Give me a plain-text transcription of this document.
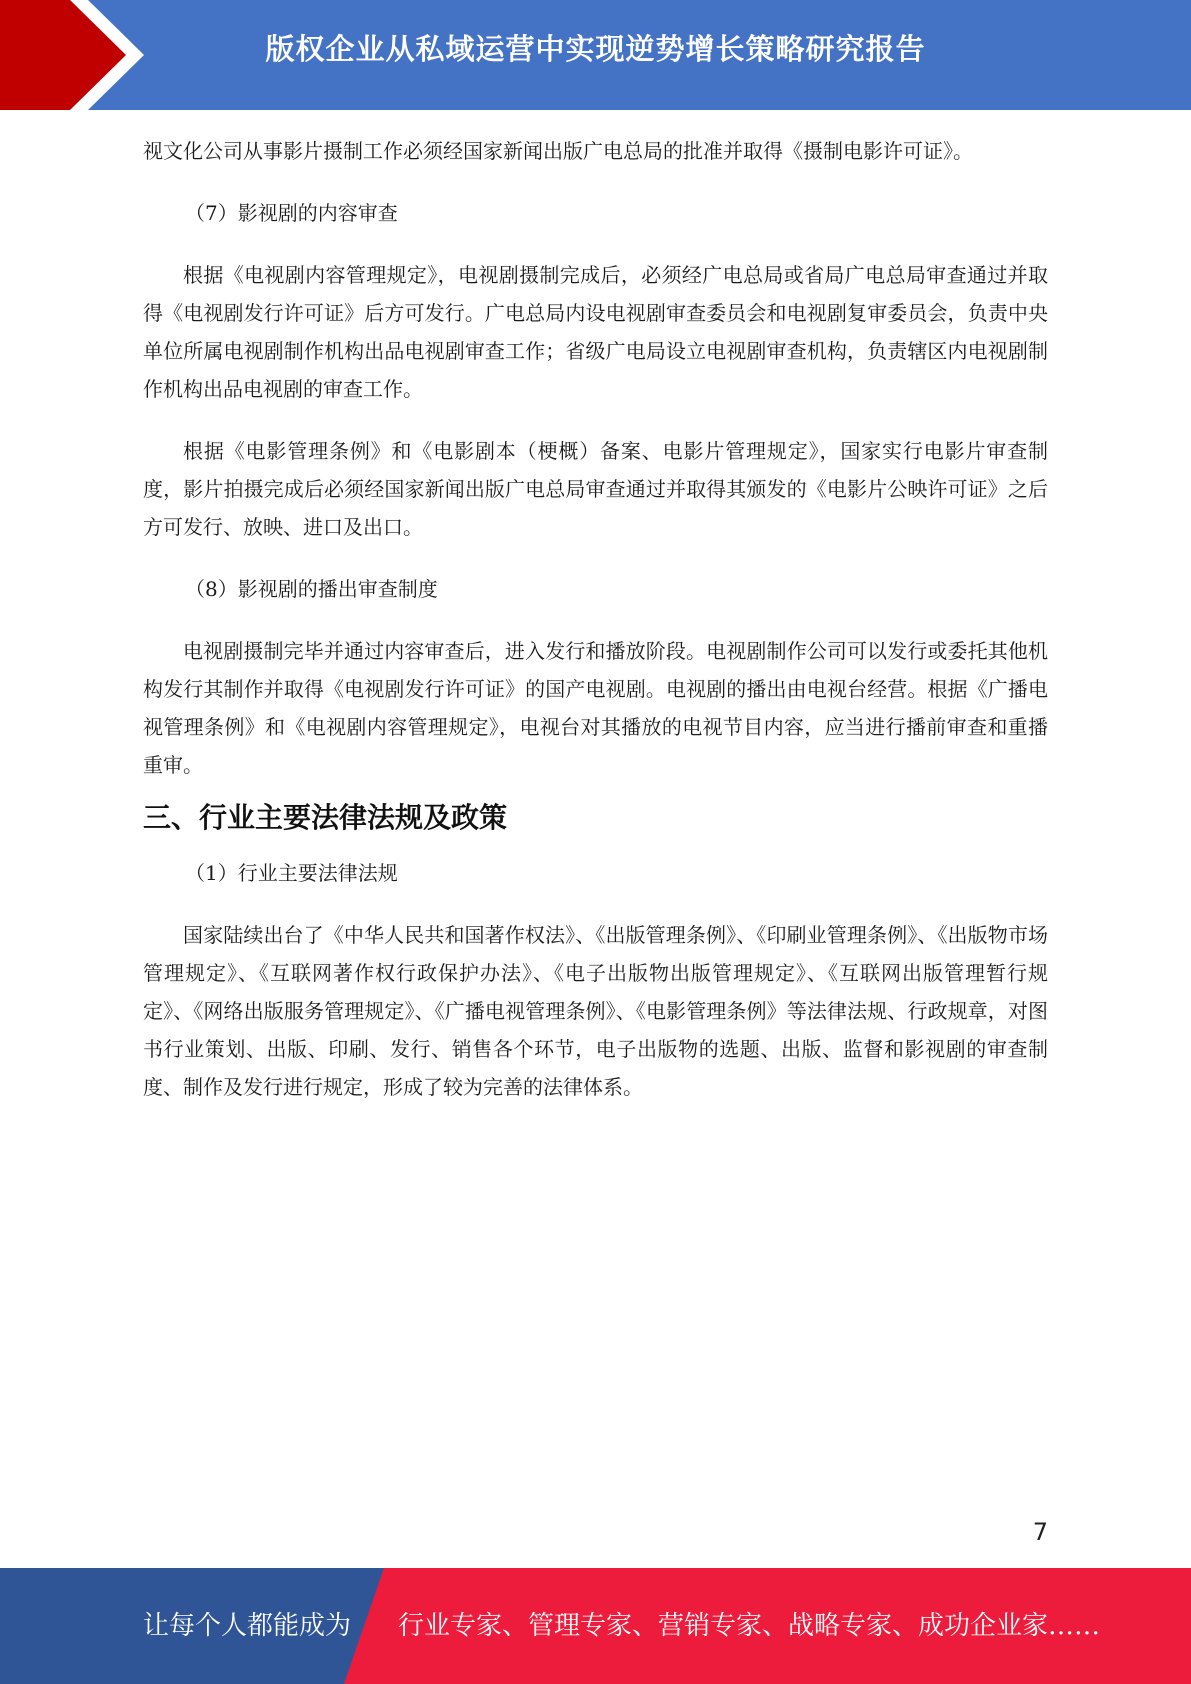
版权企业从私域运营中实现逆势增长策略研究报告

视文化公司从事影片摄制工作必须经国家新闻出版广电总局的批准并取得《摄制电影许可证》。

（7）影视剧的内容审查

根据《电视剧内容管理规定》，电视剧摄制完成后，必须经广电总局或省局广电总局审查通过并取得《电视剧发行许可证》后方可发行。广电总局内设电视剧审查委员会和电视剧复审委员会，负责中央单位所属电视剧制作机构出品电视剧审查工作；省级广电局设立电视剧审查机构，负责辖区内电视剧制作机构出品电视剧的审查工作。

根据《电影管理条例》和《电影剧本（梗概）备案、电影片管理规定》，国家实行电影片审查制度，影片拍摄完成后必须经国家新闻出版广电总局审查通过并取得其颁发的《电影片公映许可证》之后方可发行、放映、进口及出口。

（8）影视剧的播出审查制度

电视剧摄制完毕并通过内容审查后，进入发行和播放阶段。电视剧制作公司可以发行或委托其他机构发行其制作并取得《电视剧发行许可证》的国产电视剧。电视剧的播出由电视台经营。根据《广播电视管理条例》和《电视剧内容管理规定》，电视台对其播放的电视节目内容，应当进行播前审查和重播重审。

三、行业主要法律法规及政策

（1）行业主要法律法规

国家陆续出台了《中华人民共和国著作权法》、《出版管理条例》、《印刷业管理条例》、《出版物市场管理规定》、《互联网著作权行政保护办法》、《电子出版物出版管理规定》、《互联网出版管理暂行规定》、《网络出版服务管理规定》、《广播电视管理条例》、《电影管理条例》等法律法规、行政规章，对图书行业策划、出版、印刷、发行、销售各个环节，电子出版物的选题、出版、监督和影视剧的审查制度、制作及发行进行规定，形成了较为完善的法律体系。

7
让每个人都能成为 行业专家、管理专家、营销专家、战略专家、成功企业家……
